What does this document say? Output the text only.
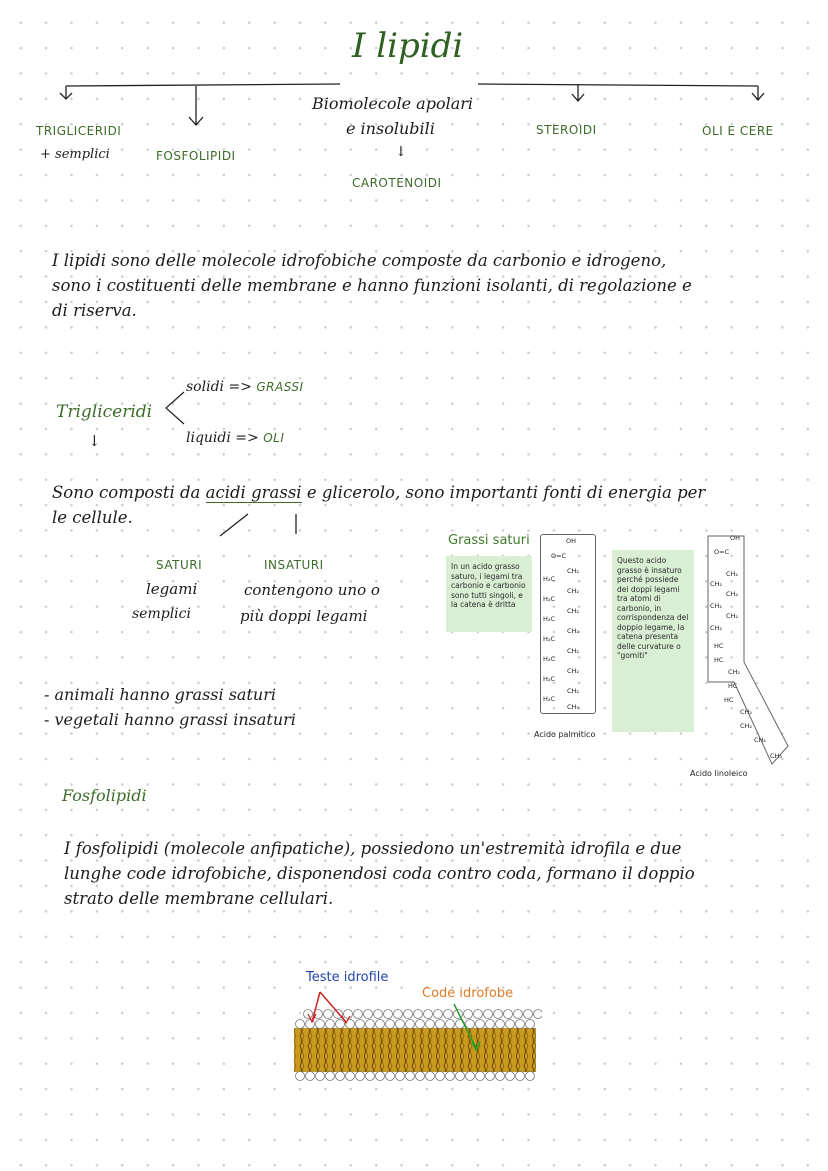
I lipidi
Biomolecole apolari
e insolubili
↓
CAROTENOIDI
TRIGLICERIDI
+ semplici	FOSFOLIPIDI
STEROIDI	OLI E CERE
I lipidi sono delle molecole idrofobiche composte da carbonio e idrogeno,
sono i costituenti delle membrane e hanno funzioni isolanti, di regolazione e
di riserva.
Trigliceridi
↓
solidi => GRASSI
liquidi => OLI
Sono composti da acidi grassi e glicerolo, sono importanti fonti di energia per
le cellule.
SATURI
legami
semplici
INSATURI
contengono uno o
più doppi legami
- animali hanno grassi saturi
- vegetali hanno grassi insaturi
Grassi saturi
In un acido grasso saturo, i legami tra carbonio e carbonio sono tutti singoli, e la catena è dritta
OH
O=C
H₂C
H₂C
H₂C
H₂C
H₂C
H₂C
H₂C
CH₂
CH₂
CH₂
CH₂
CH₂
CH₂
CH₂
CH₃
Acido palmitico
Questo acido grasso è insaturo perché possiede dei doppi legami tra atomi di carbonio, in corrispondenza del doppio legame, la catena presenta delle curvature o "gomiti"
OH
O=C
CH₂
CH₂
CH₂
CH₂
CH₂
CH₂
HC
HC
CH₂
HC
HC
CH₂
CH₂
CH₂
CH₃
Acido linoleico
Fosfolipidi
I fosfolipidi (molecole anfipatiche), possiedono un'estremità idrofila e due
lunghe code idrofobiche, disponendosi coda contro coda, formano il doppio
strato delle membrane cellulari.
Teste idrofile
Code idrofobe
